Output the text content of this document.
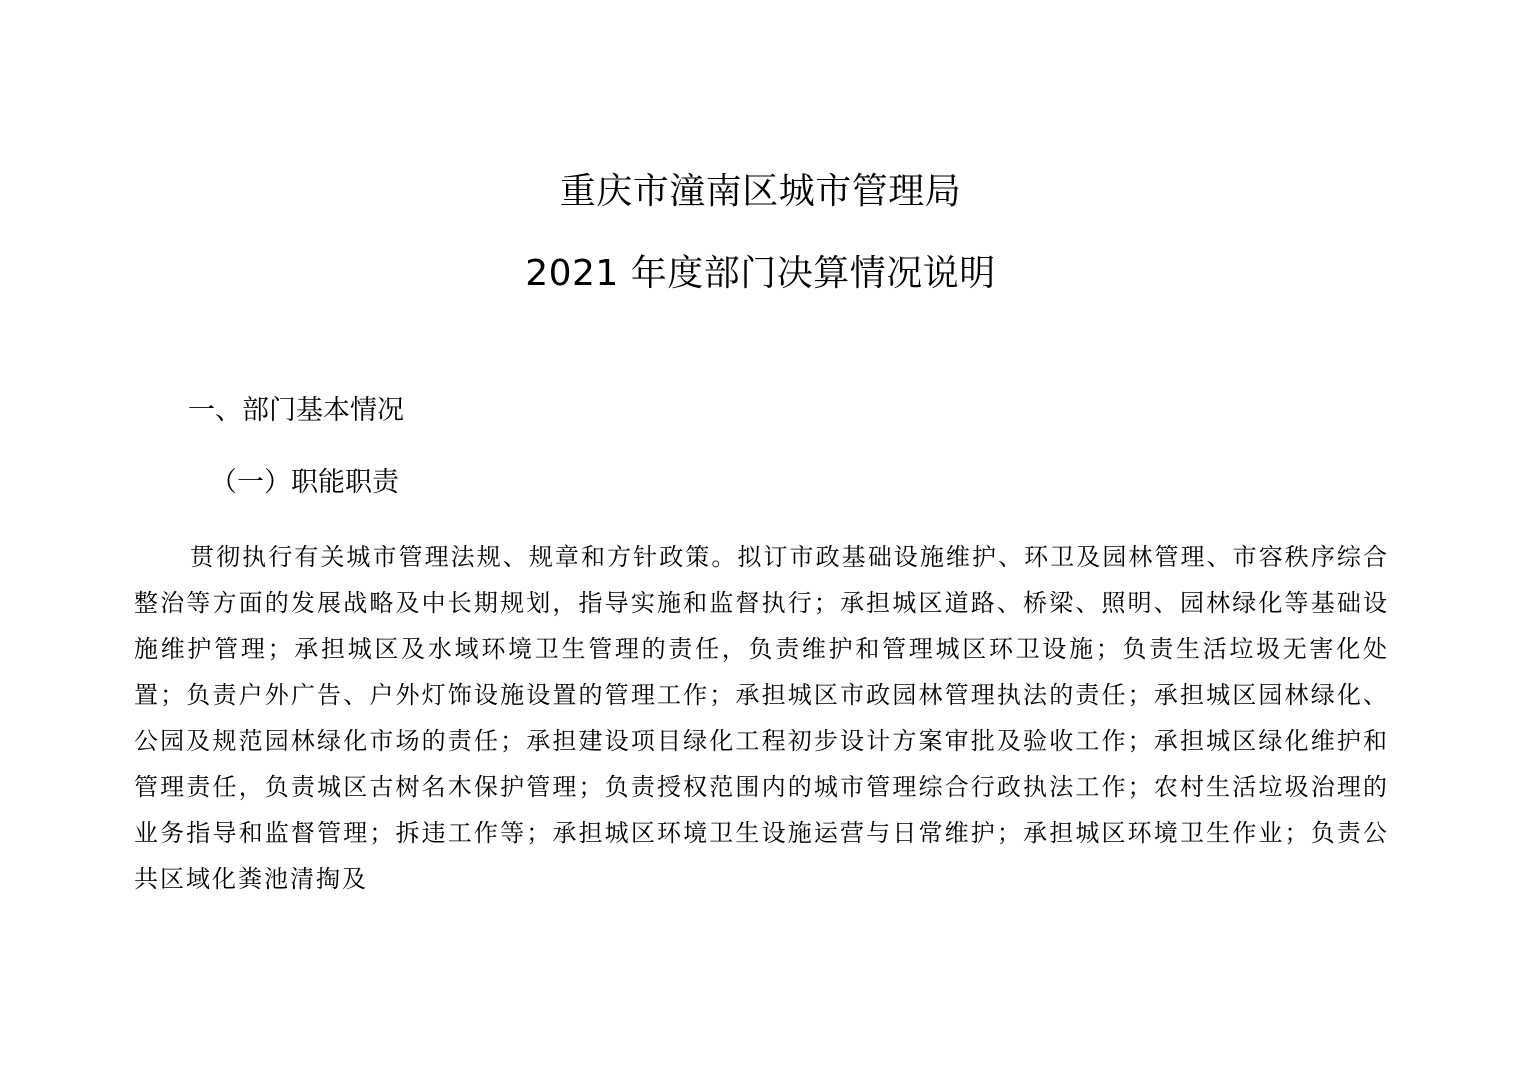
重庆市潼南区城市管理局
2021 年度部门决算情况说明
一、部门基本情况
（一）职能职责

贯彻执行有关城市管理法规、规章和方针政策。拟订市政基础设施维护、环卫及园林管理、市容秩序综合整治等方面的发展战略及中长期规划，指导实施和监督执行；承担城区道路、桥梁、照明、园林绿化等基础设施维护管理；承担城区及水域环境卫生管理的责任，负责维护和管理城区环卫设施；负责生活垃圾无害化处置；负责户外广告、户外灯饰设施设置的管理工作；承担城区市政园林管理执法的责任；承担城区园林绿化、公园及规范园林绿化市场的责任；承担建设项目绿化工程初步设计方案审批及验收工作；承担城区绿化维护和管理责任，负责城区古树名木保护管理；负责授权范围内的城市管理综合行政执法工作；农村生活垃圾治理的业务指导和监督管理；拆违工作等；承担城区环境卫生设施运营与日常维护；承担城区环境卫生作业；负责公共区域化粪池清掏及
